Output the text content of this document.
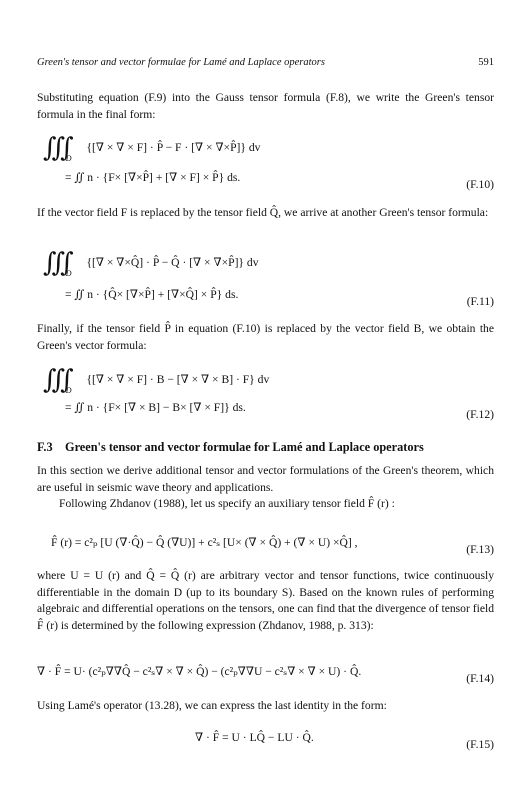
Green's tensor and vector formulae for Lamé and Laplace operators	591
Substituting equation (F.9) into the Gauss tensor formula (F.8), we write the Green's tensor formula in the final form:
∭ $_D$ {[∇ × ∇ × F] · P̂ − F · [∇ × ∇×P̂]} dv
= ∬ n · {F× [∇×P̂] + [∇ × F] × P̂} ds.
(F.10)
If the vector field F is replaced by the tensor field Q̂, we arrive at another Green's tensor formula:
∭ $_D$ {[∇ × ∇×Q̂] · P̂ − Q̂ · [∇ × ∇×P̂]} dv
= ∬ n · {Q̂× [∇×P̂] + [∇×Q̂] × P̂} ds.
(F.11)
Finally, if the tensor field P̂ in equation (F.10) is replaced by the vector field B, we obtain the Green's vector formula:
∭ $_D$ {[∇ × ∇ × F] · B − [∇ × ∇ × B] · F} dv
= ∬ n · {F× [∇ × B] − B× [∇ × F]} ds.
(F.12)
F.3 Green's tensor and vector formulae for Lamé and Laplace operators
In this section we derive additional tensor and vector formulations of the Green's theorem, which are useful in seismic wave theory and applications.
Following Zhdanov (1988), let us specify an auxiliary tensor field F̂ (r) :
F̂ (r) = c²ₚ [U (∇·Q̂) − Q̂ (∇U)] + c²ₛ [U× (∇ × Q̂) + (∇ × U) ×Q̂] ,
(F.13)
where U = U (r) and Q̂ = Q̂ (r) are arbitrary vector and tensor functions, twice continuously differentiable in the domain D (up to its boundary S). Based on the known rules of performing algebraic and differential operations on the tensors, one can find that the divergence of tensor field F̂ (r) is determined by the following expression (Zhdanov, 1988, p. 313):
∇ · F̂ = U· (c²ₚ∇∇Q̂ − c²ₛ∇ × ∇ × Q̂) − (c²ₚ∇∇U − c²ₛ∇ × ∇ × U) · Q̂.
(F.14)
Using Lamé's operator (13.28), we can express the last identity in the form:
∇ · F̂ = U · LQ̂ − LU · Q̂.
(F.15)
